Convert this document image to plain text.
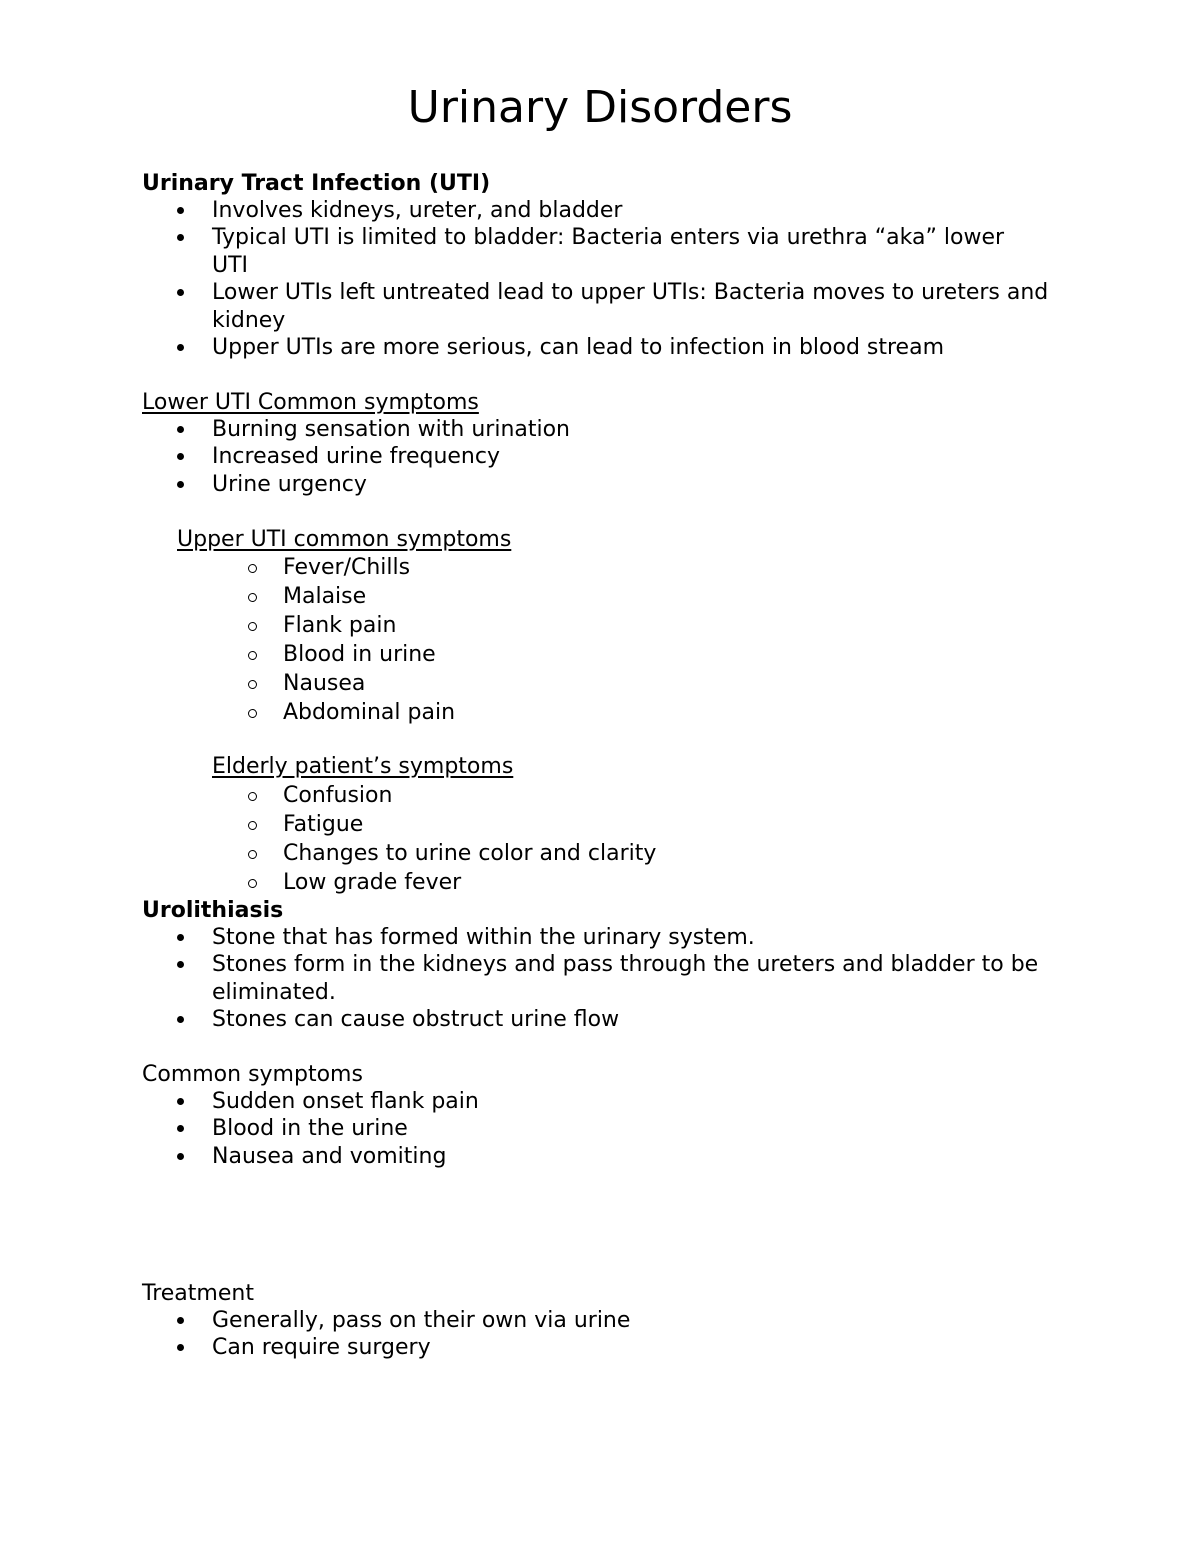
Urinary Disorders

Urinary Tract Infection (UTI)

Involves kidneys, ureter, and bladder
Typical UTI is limited to bladder: Bacteria enters via urethra “aka” lower UTI
Lower UTIs left untreated lead to upper UTIs: Bacteria moves to ureters and kidney
Upper UTIs are more serious, can lead to infection in blood stream

Lower UTI Common symptoms

Burning sensation with urination
Increased urine frequency
Urine urgency

Upper UTI common symptoms

Fever/Chills
Malaise
Flank pain
Blood in urine
Nausea
Abdominal pain

Elderly patient’s symptoms

Confusion
Fatigue
Changes to urine color and clarity
Low grade fever

Urolithiasis

Stone that has formed within the urinary system.
Stones form in the kidneys and pass through the ureters and bladder to be eliminated.
Stones can cause obstruct urine flow

Common symptoms

Sudden onset flank pain
Blood in the urine
Nausea and vomiting

Treatment

Generally, pass on their own via urine
Can require surgery
